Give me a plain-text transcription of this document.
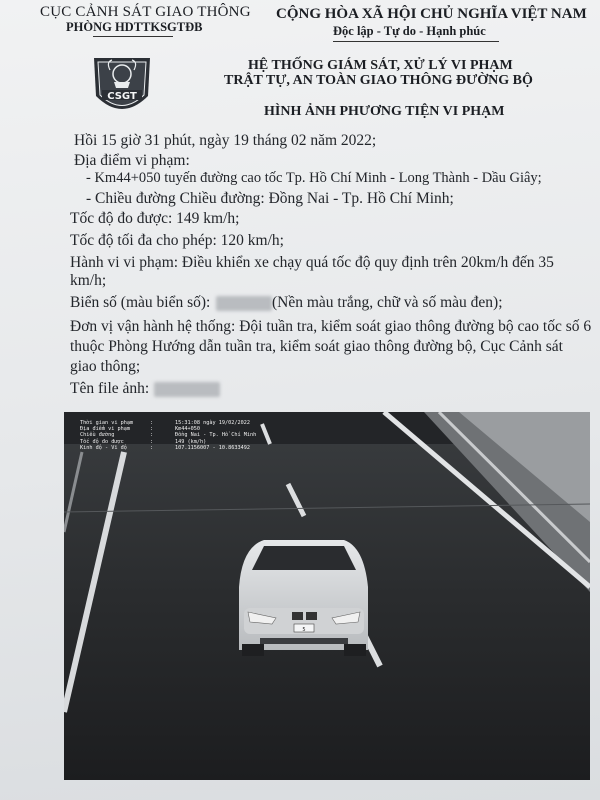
CỤC CẢNH SÁT GIAO THÔNG
PHÒNG HDTTKSGTĐB
CỘNG HÒA XÃ HỘI CHỦ NGHĨA VIỆT NAM
Độc lập - Tự do - Hạnh phúc
CSGT
HỆ THỐNG GIÁM SÁT, XỬ LÝ VI PHẠM
TRẬT TỰ, AN TOÀN GIAO THÔNG ĐƯỜNG BỘ
HÌNH ẢNH PHƯƠNG TIỆN VI PHẠM
Hồi 15 giờ 31 phút, ngày 19 tháng 02 năm 2022;
Địa điểm vi phạm:
- Km44+050 tuyến đường cao tốc Tp. Hồ Chí Minh - Long Thành - Dầu Giây;
- Chiều đường Chiều đường: Đồng Nai - Tp. Hồ Chí Minh;
Tốc độ đo được: 149 km/h;
Tốc độ tối đa cho phép: 120 km/h;
Hành vi vi phạm: Điều khiển xe chạy quá tốc độ quy định trên 20km/h đến 35
km/h;
Biển số (màu biển số):	(Nền màu trắng, chữ và số màu đen);
Đơn vị vận hành hệ thống: Đội tuần tra, kiểm soát giao thông đường bộ cao tốc số 6
thuộc Phòng Hướng dẫn tuần tra, kiểm soát giao thông đường bộ, Cục Cảnh sát
giao thông;
Tên file ảnh:
5
Thời gian vi phạm
Địa điểm vi phạm
Chiều đường
Tốc độ đo được
Kinh độ - Vĩ độ
:
:
:
:
:
15:31:08 ngày 19/02/2022
Km44+050
Đồng Nai - Tp. Hồ Chí Minh
149 (km/h)
107.1156007 - 10.8633492
